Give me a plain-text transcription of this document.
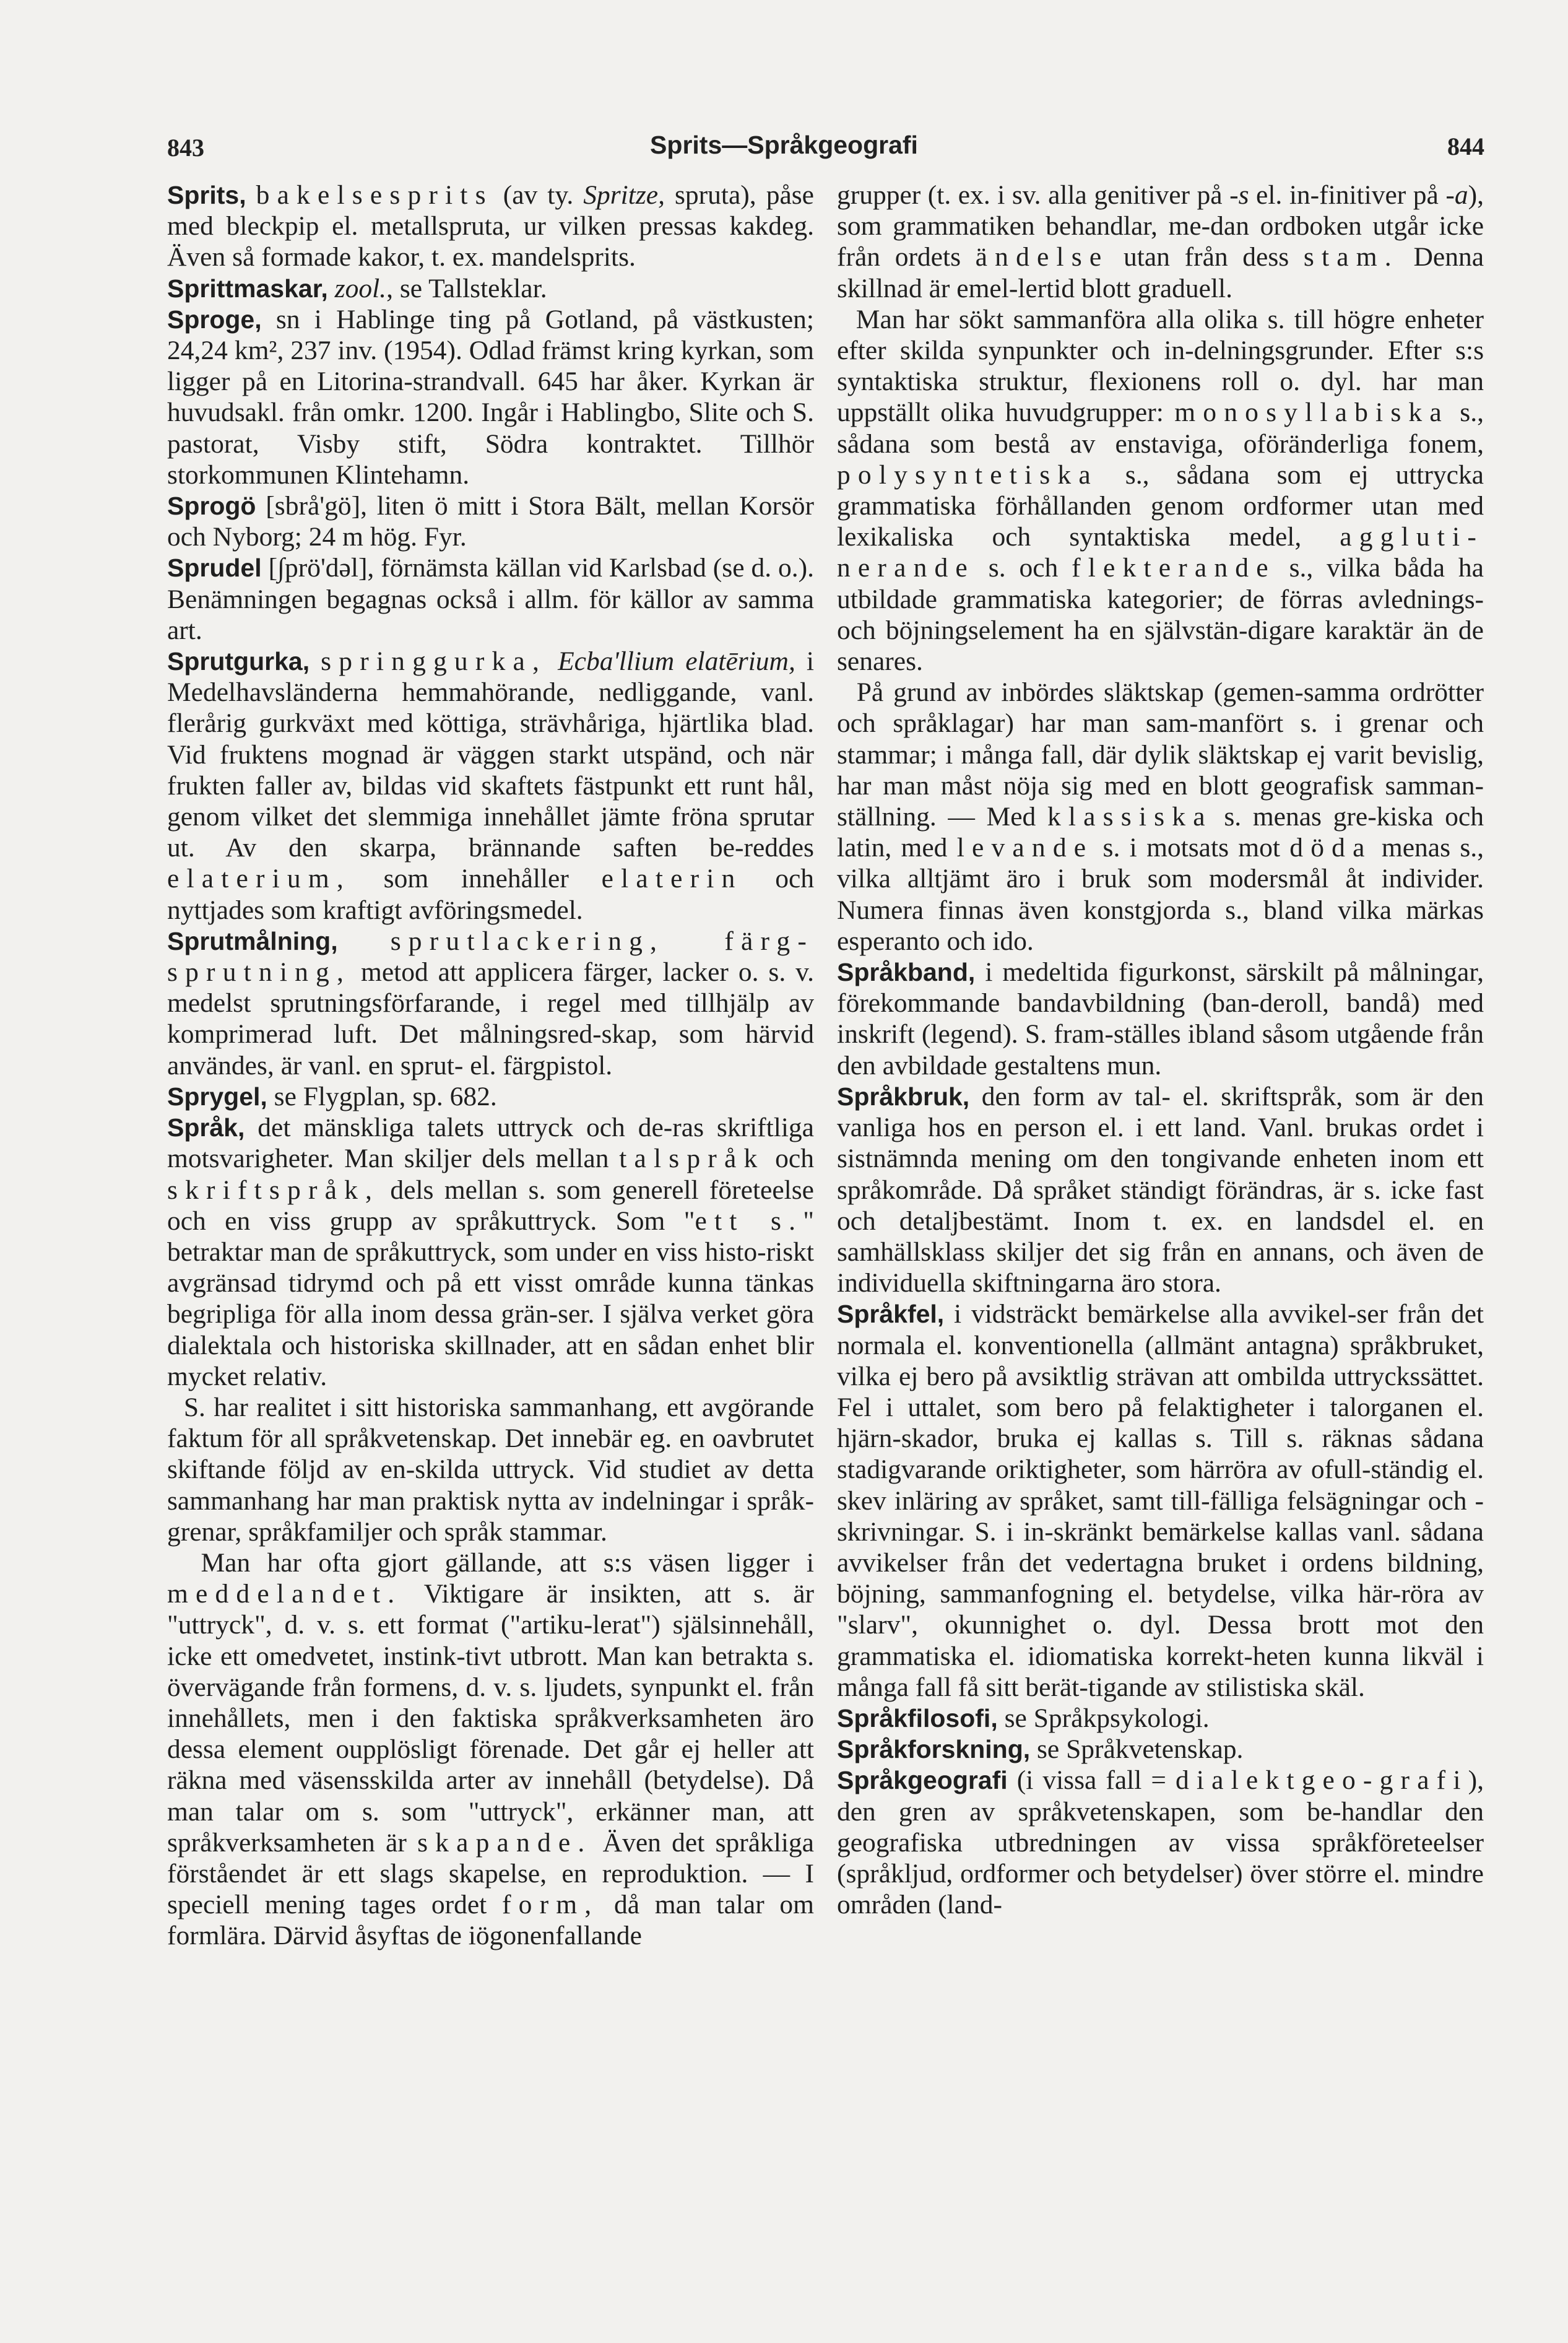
843	Sprits—Språkgeografi	844

Sprits, bakelsesprits (av ty. Spritze, spruta), påse med bleckpip el. metallspruta, ur vilken pressas kakdeg. Även så formade kakor, t. ex. mandelsprits.

Sprittmaskar, zool., se Tallsteklar.

Sproge, sn i Hablinge ting på Gotland, på västkusten; 24,24 km², 237 inv. (1954). Odlad främst kring kyrkan, som ligger på en Litorina-strandvall. 645 har åker. Kyrkan är huvudsakl. från omkr. 1200. Ingår i Hablingbo, Slite och S. pastorat, Visby stift, Södra kontraktet. Tillhör storkommunen Klintehamn.

Sprogö [sbrå'gö], liten ö mitt i Stora Bält, mellan Korsör och Nyborg; 24 m hög. Fyr.

Sprudel [∫prö'dəl], förnämsta källan vid Karlsbad (se d. o.). Benämningen begagnas också i allm. för källor av samma art.

Sprutgurka, springgurka, Ecba'llium elatērium, i Medelhavsländerna hemmahörande, nedliggande, vanl. flerårig gurkväxt med köttiga, strävhåriga, hjärtlika blad. Vid fruktens mognad är väggen starkt utspänd, och när frukten faller av, bildas vid skaftets fästpunkt ett runt hål, genom vilket det slemmiga innehållet jämte fröna sprutar ut. Av den skarpa, brännande saften be-reddes elaterium, som innehåller elaterin och nyttjades som kraftigt avföringsmedel.

Sprutmålning, sprutlackering, färg-sprutning, metod att applicera färger, lacker o. s. v. medelst sprutningsförfarande, i regel med tillhjälp av komprimerad luft. Det målningsred-skap, som härvid användes, är vanl. en sprut- el. färgpistol.

Sprygel, se Flygplan, sp. 682.

Språk, det mänskliga talets uttryck och de-ras skriftliga motsvarigheter. Man skiljer dels mellan talspråk och skriftspråk, dels mellan s. som generell företeelse och en viss grupp av språkuttryck. Som "ett s." betraktar man de språkuttryck, som under en viss histo-riskt avgränsad tidrymd och på ett visst område kunna tänkas begripliga för alla inom dessa grän-ser. I själva verket göra dialektala och historiska skillnader, att en sådan enhet blir mycket relativ.

S. har realitet i sitt historiska sammanhang, ett avgörande faktum för all språkvetenskap. Det innebär eg. en oavbrutet skiftande följd av en-skilda uttryck. Vid studiet av detta sammanhang har man praktisk nytta av indelningar i språk-grenar, språkfamiljer och språk stammar.

Man har ofta gjort gällande, att s:s väsen ligger i meddelandet. Viktigare är insikten, att s. är "uttryck", d. v. s. ett format ("artiku-lerat") själsinnehåll, icke ett omedvetet, instink-tivt utbrott. Man kan betrakta s. övervägande från formens, d. v. s. ljudets, synpunkt el. från innehållets, men i den faktiska språkverksamheten äro dessa element oupplösligt förenade. Det går ej heller att räkna med väsensskilda arter av innehåll (betydelse). Då man talar om s. som "uttryck", erkänner man, att språkverksamheten är skapande. Även det språkliga förståendet är ett slags skapelse, en reproduktion. — I speciell mening tages ordet form, då man talar om formlära. Därvid åsyftas de iögonenfallande

grupper (t. ex. i sv. alla genitiver på -s el. in-finitiver på -a), som grammatiken behandlar, me-dan ordboken utgår icke från ordets ändelse utan från dess stam. Denna skillnad är emel-lertid blott graduell.

Man har sökt sammanföra alla olika s. till högre enheter efter skilda synpunkter och in-delningsgrunder. Efter s:s syntaktiska struktur, flexionens roll o. dyl. har man uppställt olika huvudgrupper: monosyllabiska s., sådana som bestå av enstaviga, oföränderliga fonem, polysyntetiska s., sådana som ej uttrycka grammatiska förhållanden genom ordformer utan med lexikaliska och syntaktiska medel, aggluti-nerande s. och flekterande s., vilka båda ha utbildade grammatiska kategorier; de förras avlednings- och böjningselement ha en självstän-digare karaktär än de senares.

På grund av inbördes släktskap (gemen-samma ordrötter och språklagar) har man sam-manfört s. i grenar och stammar; i många fall, där dylik släktskap ej varit bevislig, har man måst nöja sig med en blott geografisk samman-ställning. — Med klassiska s. menas gre-kiska och latin, med levande s. i motsats mot döda menas s., vilka alltjämt äro i bruk som modersmål åt individer. Numera finnas även konstgjorda s., bland vilka märkas esperanto och ido.

Språkband, i medeltida figurkonst, särskilt på målningar, förekommande bandavbildning (ban-deroll, bandå) med inskrift (legend). S. fram-ställes ibland såsom utgående från den avbildade gestaltens mun.

Språkbruk, den form av tal- el. skriftspråk, som är den vanliga hos en person el. i ett land. Vanl. brukas ordet i sistnämnda mening om den tongivande enheten inom ett språkområde. Då språket ständigt förändras, är s. icke fast och detaljbestämt. Inom t. ex. en landsdel el. en samhällsklass skiljer det sig från en annans, och även de individuella skiftningarna äro stora.

Språkfel, i vidsträckt bemärkelse alla avvikel-ser från det normala el. konventionella (allmänt antagna) språkbruket, vilka ej bero på avsiktlig strävan att ombilda uttryckssättet. Fel i uttalet, som bero på felaktigheter i talorganen el. hjärn-skador, bruka ej kallas s. Till s. räknas sådana stadigvarande oriktigheter, som härröra av ofull-ständig el. skev inläring av språket, samt till-fälliga felsägningar och -skrivningar. S. i in-skränkt bemärkelse kallas vanl. sådana avvikelser från det vedertagna bruket i ordens bildning, böjning, sammanfogning el. betydelse, vilka här-röra av "slarv", okunnighet o. dyl. Dessa brott mot den grammatiska el. idiomatiska korrekt-heten kunna likväl i många fall få sitt berät-tigande av stilistiska skäl.

Språkfilosofi, se Språkpsykologi.

Språkforskning, se Språkvetenskap.

Språkgeografi (i vissa fall = dialektgeo-grafi), den gren av språkvetenskapen, som be-handlar den geografiska utbredningen av vissa språkföreteelser (språkljud, ordformer och betydelser) över större el. mindre områden (land-
